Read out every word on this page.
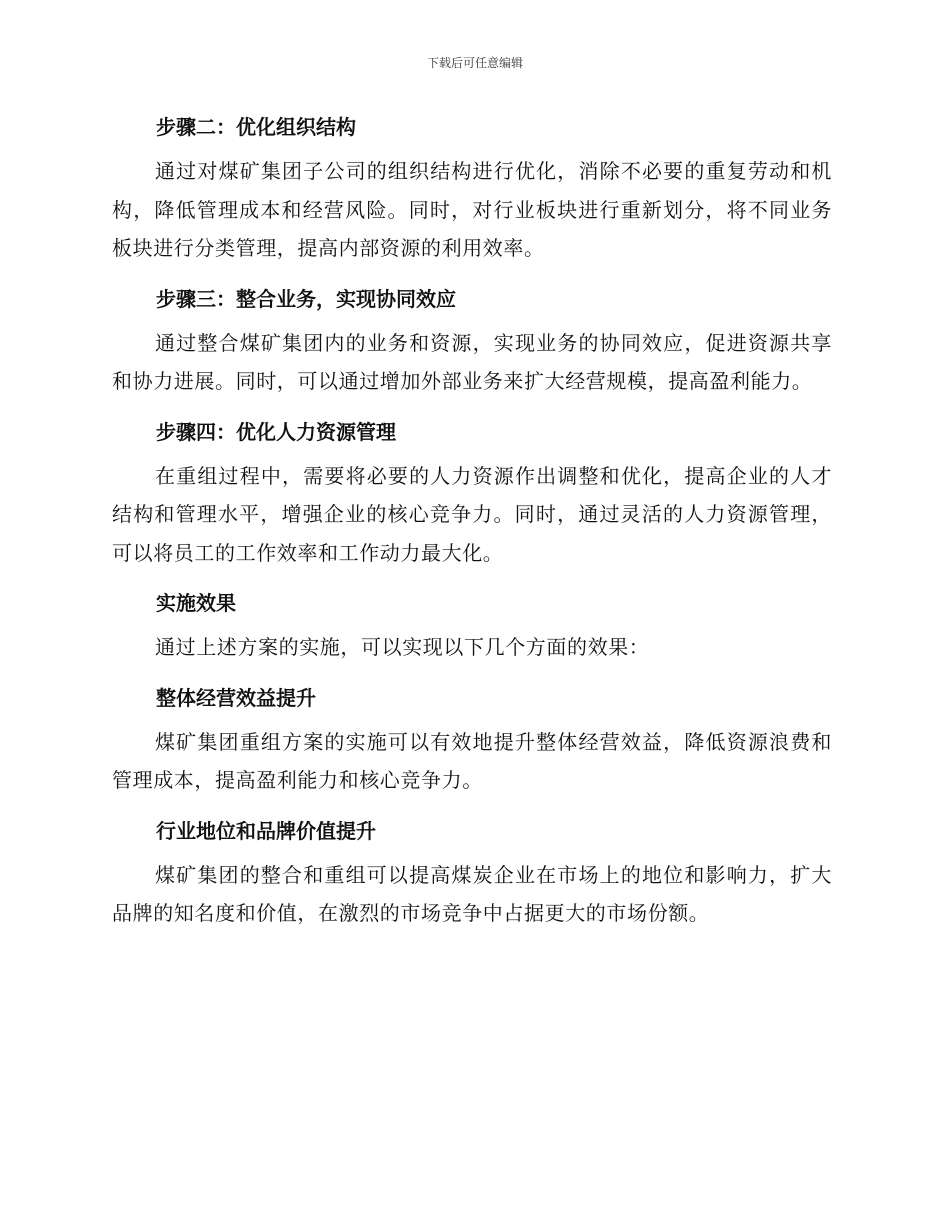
下载后可任意编辑
步骤二：优化组织结构
通过对煤矿集团子公司的组织结构进行优化，消除不必要的重复劳动和机构，降低管理成本和经营风险。同时，对行业板块进行重新划分，将不同业务板块进行分类管理，提高内部资源的利用效率。
步骤三：整合业务，实现协同效应
通过整合煤矿集团内的业务和资源，实现业务的协同效应，促进资源共享和协力进展。同时，可以通过增加外部业务来扩大经营规模，提高盈利能力。
步骤四：优化人力资源管理
在重组过程中，需要将必要的人力资源作出调整和优化，提高企业的人才结构和管理水平，增强企业的核心竞争力。同时，通过灵活的人力资源管理，可以将员工的工作效率和工作动力最大化。
实施效果
通过上述方案的实施，可以实现以下几个方面的效果：
整体经营效益提升
煤矿集团重组方案的实施可以有效地提升整体经营效益，降低资源浪费和管理成本，提高盈利能力和核心竞争力。
行业地位和品牌价值提升
煤矿集团的整合和重组可以提高煤炭企业在市场上的地位和影响力，扩大品牌的知名度和价值，在激烈的市场竞争中占据更大的市场份额。
